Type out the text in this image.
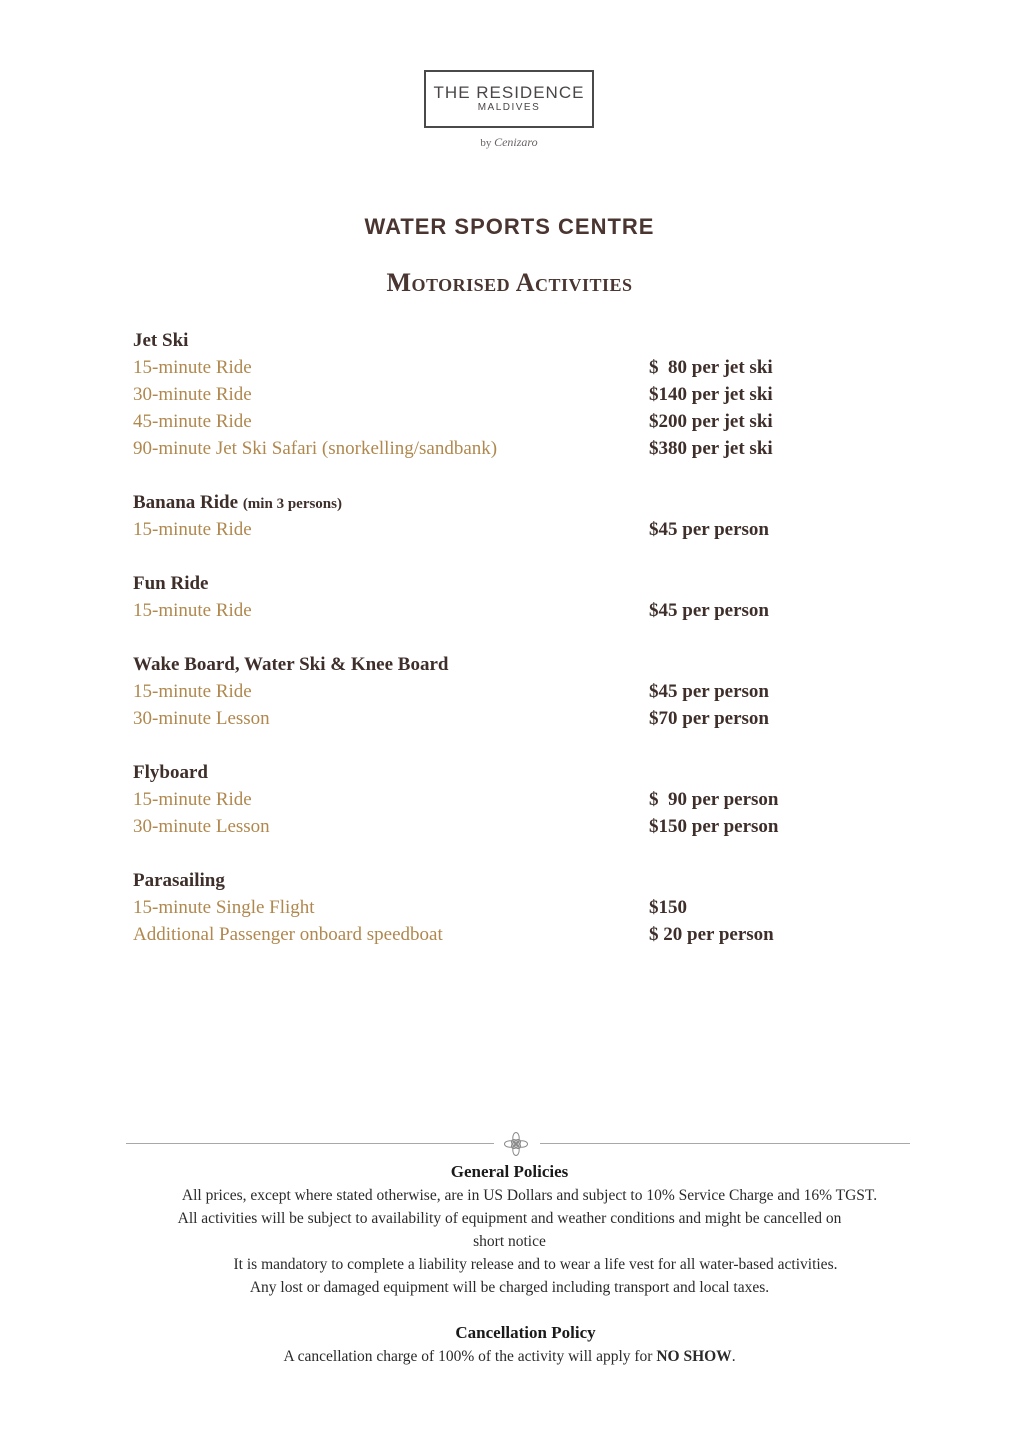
THE RESIDENCE
MALDIVES
by Cenizaro
WATER SPORTS CENTRE
Motorised Activities
Jet Ski
15-minute Ride	$  80 per jet ski
30-minute Ride	$140 per jet ski
45-minute Ride	$200 per jet ski
90-minute Jet Ski Safari (snorkelling/sandbank)	$380 per jet ski
Banana Ride (min 3 persons)
15-minute Ride	$45 per person
Fun Ride
15-minute Ride	$45 per person
Wake Board, Water Ski & Knee Board
15-minute Ride	$45 per person
30-minute Lesson	$70 per person
Flyboard
15-minute Ride	$  90 per person
30-minute Lesson	$150 per person
Parasailing
15-minute Single Flight	$150
Additional Passenger onboard speedboat	$ 20 per person
General Policies
All prices, except where stated otherwise, are in US Dollars and subject to 10% Service Charge and 16% TGST.
All activities will be subject to availability of equipment and weather conditions and might be cancelled on
short notice
It is mandatory to complete a liability release and to wear a life vest for all water-based activities.
Any lost or damaged equipment will be charged including transport and local taxes.
Cancellation Policy
A cancellation charge of 100% of the activity will apply for NO SHOW.
